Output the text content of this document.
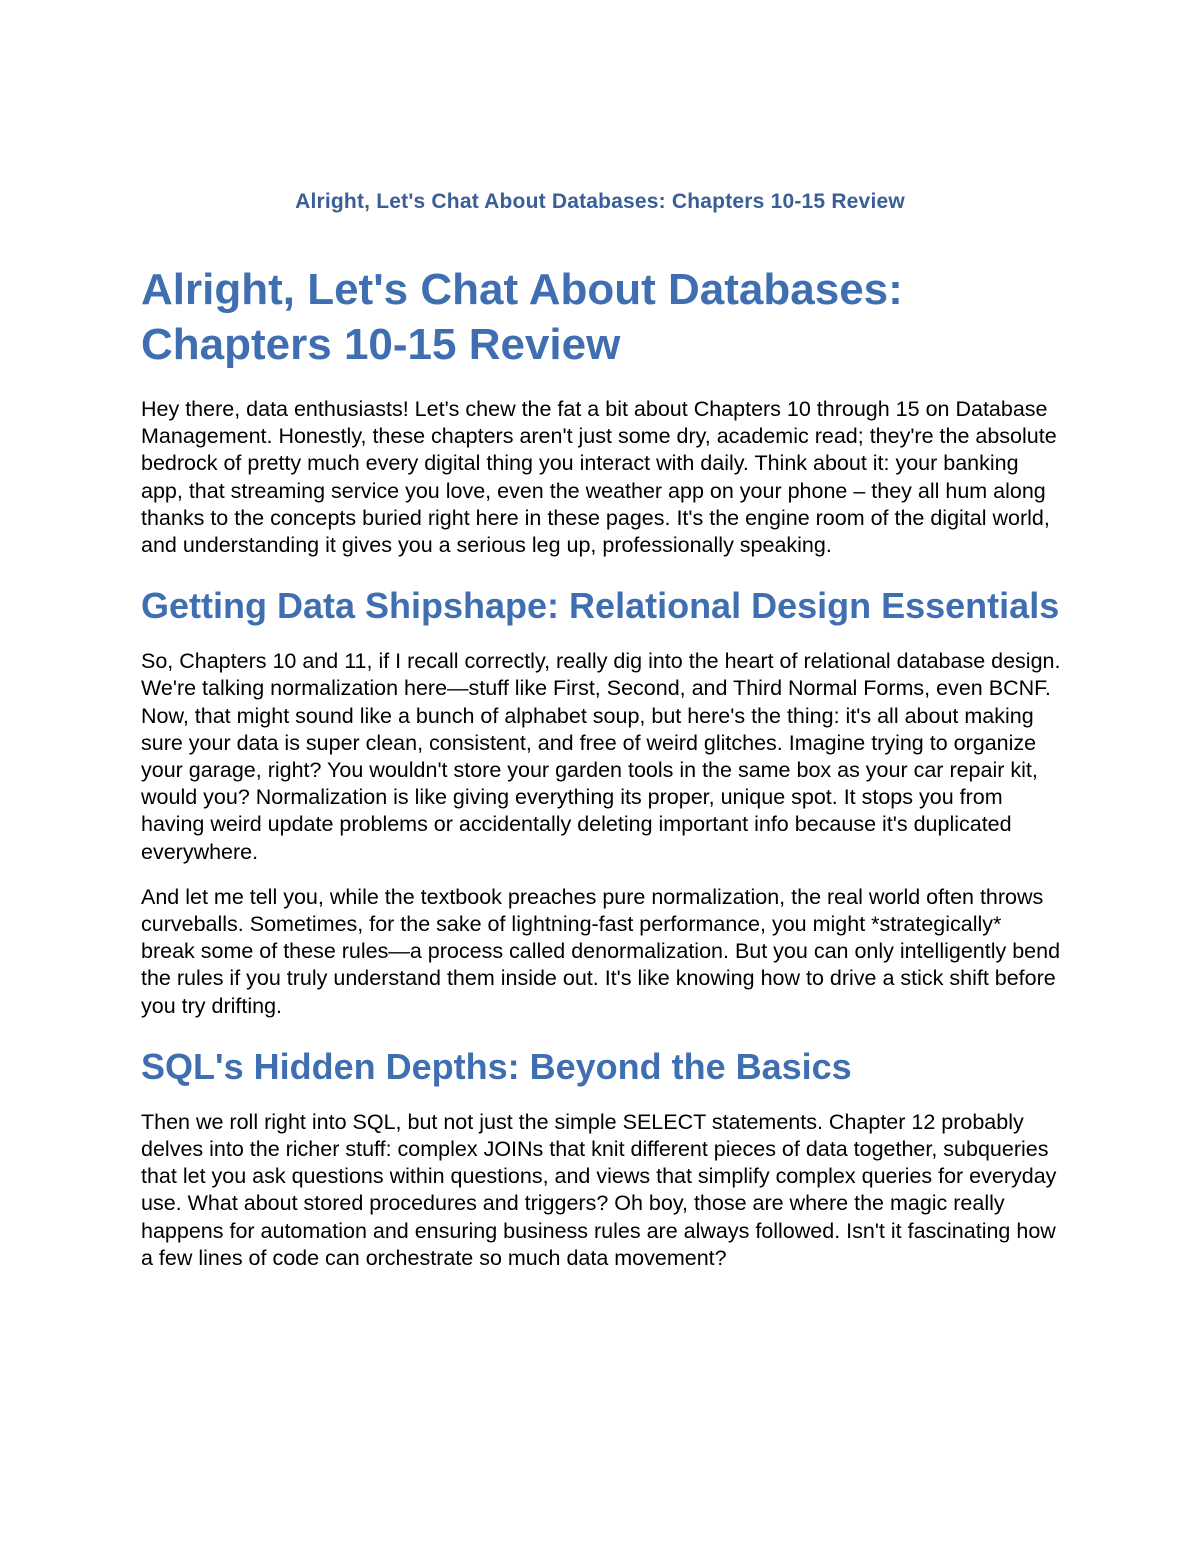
Alright, Let's Chat About Databases: Chapters 10-15 Review

Alright, Let's Chat About Databases: Chapters 10-15 Review

Hey there, data enthusiasts! Let's chew the fat a bit about Chapters 10 through 15 on Database Management. Honestly, these chapters aren't just some dry, academic read; they're the absolute bedrock of pretty much every digital thing you interact with daily. Think about it: your banking app, that streaming service you love, even the weather app on your phone – they all hum along thanks to the concepts buried right here in these pages. It's the engine room of the digital world, and understanding it gives you a serious leg up, professionally speaking.

Getting Data Shipshape: Relational Design Essentials

So, Chapters 10 and 11, if I recall correctly, really dig into the heart of relational database design. We're talking normalization here—stuff like First, Second, and Third Normal Forms, even BCNF. Now, that might sound like a bunch of alphabet soup, but here's the thing: it's all about making sure your data is super clean, consistent, and free of weird glitches. Imagine trying to organize your garage, right? You wouldn't store your garden tools in the same box as your car repair kit, would you? Normalization is like giving everything its proper, unique spot. It stops you from having weird update problems or accidentally deleting important info because it's duplicated everywhere.

And let me tell you, while the textbook preaches pure normalization, the real world often throws curveballs. Sometimes, for the sake of lightning-fast performance, you might *strategically* break some of these rules—a process called denormalization. But you can only intelligently bend the rules if you truly understand them inside out. It's like knowing how to drive a stick shift before you try drifting.

SQL's Hidden Depths: Beyond the Basics

Then we roll right into SQL, but not just the simple SELECT statements. Chapter 12 probably delves into the richer stuff: complex JOINs that knit different pieces of data together, subqueries that let you ask questions within questions, and views that simplify complex queries for everyday use. What about stored procedures and triggers? Oh boy, those are where the magic really happens for automation and ensuring business rules are always followed. Isn't it fascinating how a few lines of code can orchestrate so much data movement?
